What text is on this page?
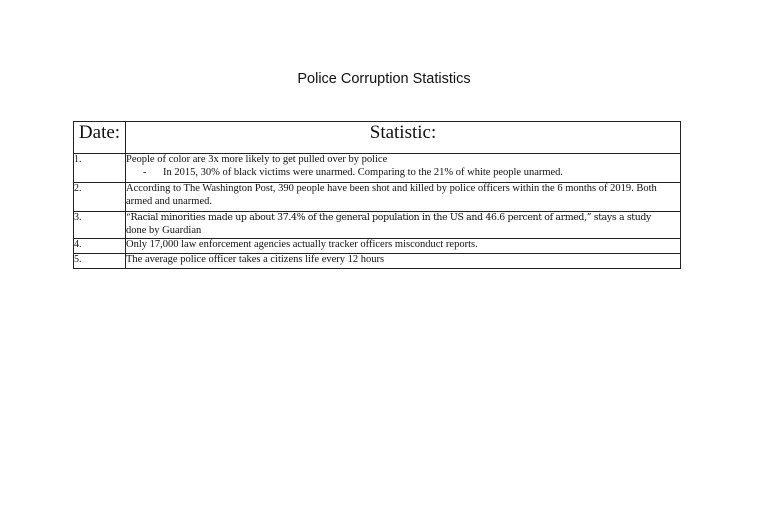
Police Corruption Statistics
Date:	Statistic:
1.	People of color are 3x more likely to get pulled over by police
- In 2015, 30% of black victims were unarmed. Comparing to the 21% of white people unarmed.

2.	According to The Washington Post, 390 people have been shot and killed by police officers within the 6 months of 2019. Both armed and unarmed.
3.	“Racial minorities made up about 37.4% of the general population in the US and 46.6 percent of armed,” stays a study
done by Guardian
4.	Only 17,000 law enforcement agencies actually tracker officers misconduct reports.
5.	The average police officer takes a citizens life every 12 hours
